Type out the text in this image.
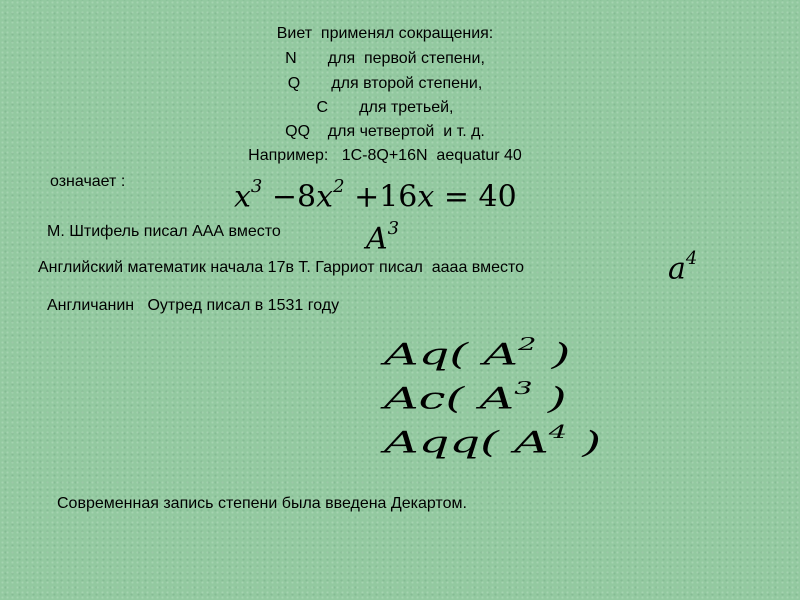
Виет  применял сокращения:
N       для  первой степени,
Q       для второй степени,
С       для третьей,
QQ    для четвертой  и т. д.
Например:   1С-8Q+16N  aequatur 40
означает :	$x^3 -8x^2 +16x = 40$
М. Штифель писал ААА вместо	$A^3$
Английский математик начала 17в Т. Гарриот писал  аааа вместо	$a^4$
Англичанин   Оутред писал в 1531 году
Aq( $A^2$ )
Ac( $A^3$ )
Aqq( $A^4$ )
Современная запись степени была введена Декартом.
